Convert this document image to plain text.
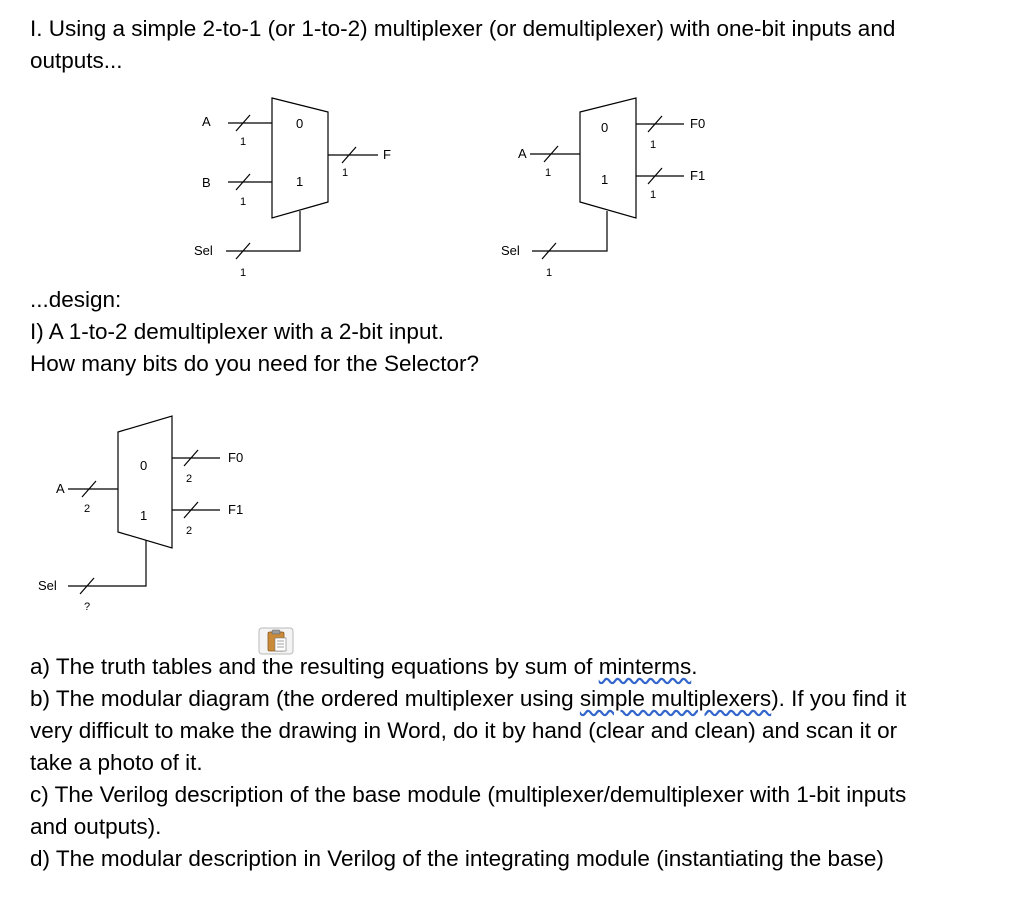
I. Using a simple 2-to-1 (or 1-to-2) multiplexer (or demultiplexer) with one-bit inputs and
outputs...
0
1
A
1
B
1
Sel
1
1
F
0
1
A
1
Sel
1
1
F0
1
F1
...design:
I) A 1-to-2 demultiplexer with a 2-bit input.
How many bits do you need for the Selector?
0
1
A
2
Sel
?
2
F0
2
F1
a) The truth tables and the resulting equations by sum of minterms.
b) The modular diagram (the ordered multiplexer using simple multiplexers). If you find it
very difficult to make the drawing in Word, do it by hand (clear and clean) and scan it or
take a photo of it.
c) The Verilog description of the base module (multiplexer/demultiplexer with 1-bit inputs
and outputs).
d) The modular description in Verilog of the integrating module (instantiating the base)
